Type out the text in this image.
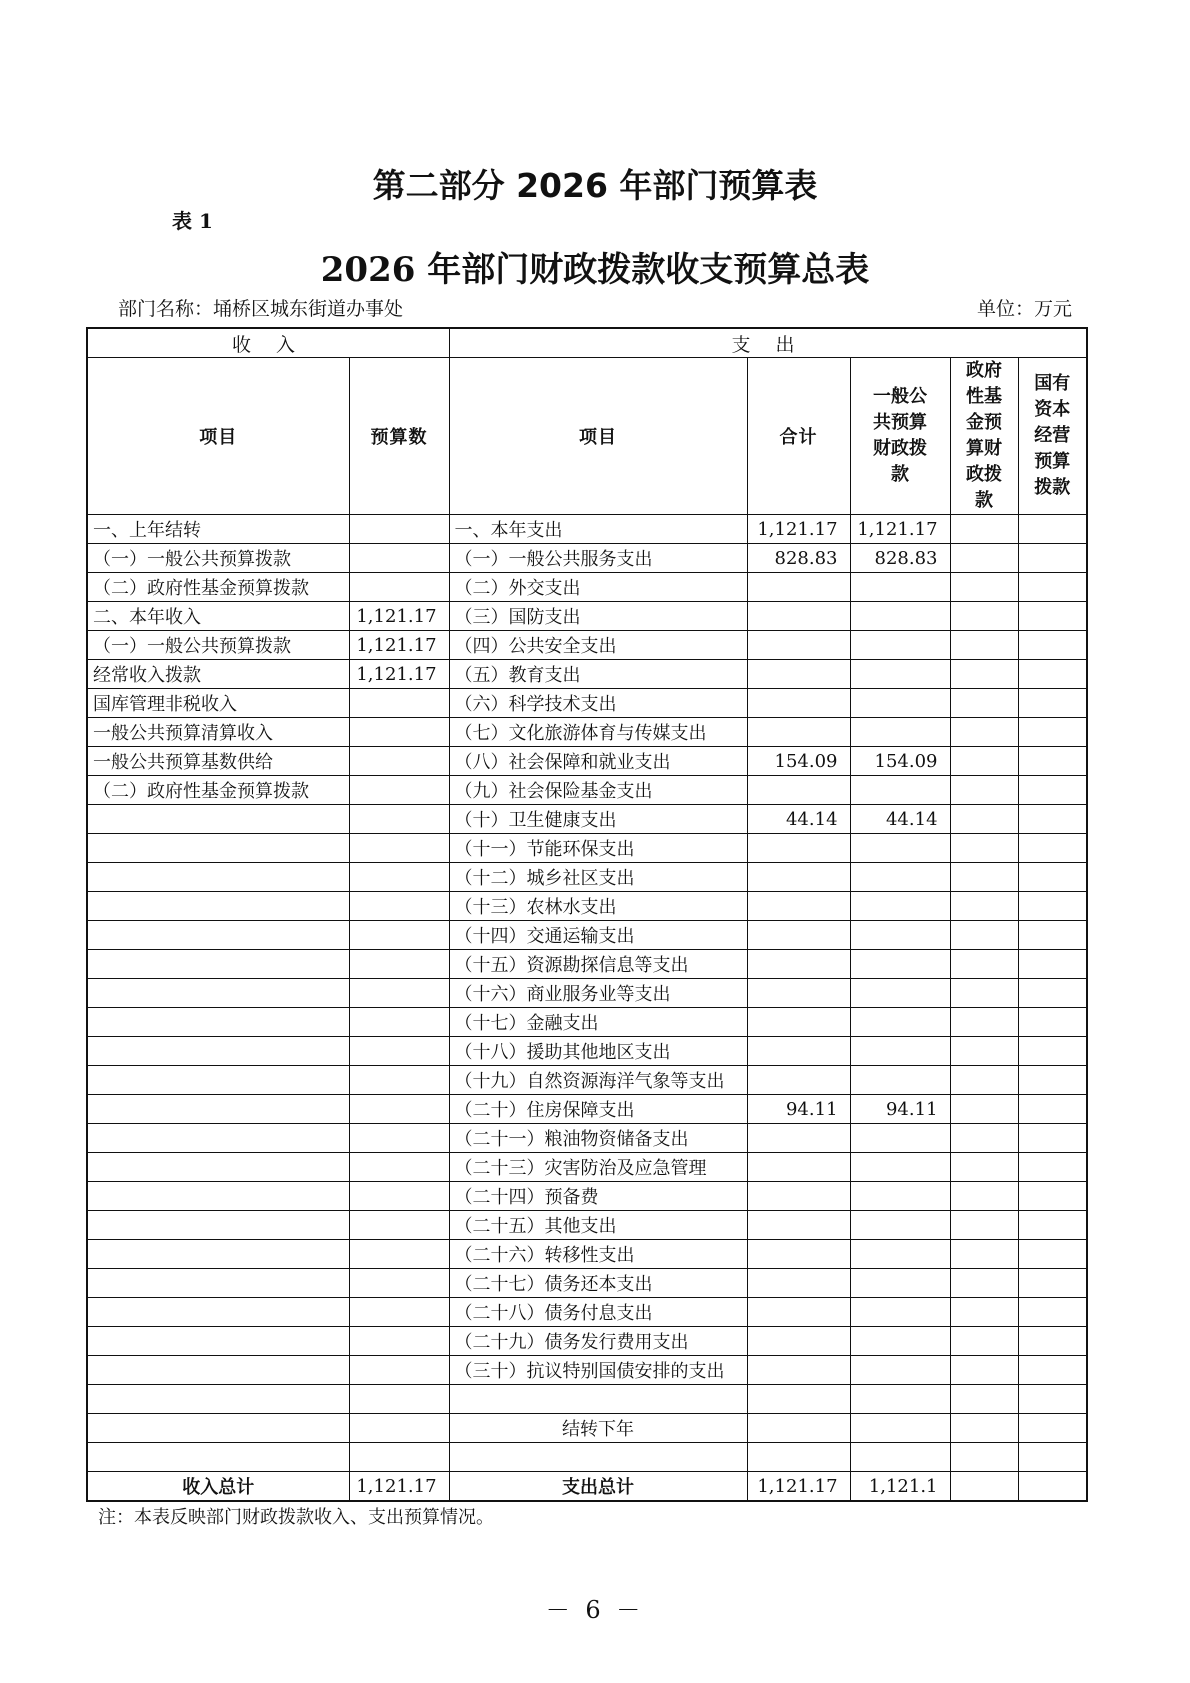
第二部分 2026 年部门预算表
表 1
2026 年部门财政拨款收支预算总表
部门名称：埇桥区城东街道办事处	单位：万元
收 入		支 出				
项目	预算数	项目	合计	一般公共预算财政拨款	政府性基金预算财政拨款	国有资本经营预算拨款
一、上年结转		一、本年支出	1,121.17	1,121.17		
（一）一般公共预算拨款		（一）一般公共服务支出	828.83	828.83		
（二）政府性基金预算拨款		（二）外交支出				
二、本年收入	1,121.17	（三）国防支出				
（一）一般公共预算拨款	1,121.17	（四）公共安全支出				
经常收入拨款	1,121.17	（五）教育支出				
国库管理非税收入		（六）科学技术支出				
一般公共预算清算收入		（七）文化旅游体育与传媒支出				
一般公共预算基数供给		（八）社会保障和就业支出	154.09	154.09		
（二）政府性基金预算拨款		（九）社会保险基金支出				
		（十）卫生健康支出	44.14	44.14		
		（十一）节能环保支出				
		（十二）城乡社区支出				
		（十三）农林水支出				
		（十四）交通运输支出				
		（十五）资源勘探信息等支出				
		（十六）商业服务业等支出				
		（十七）金融支出				
		（十八）援助其他地区支出				
		（十九）自然资源海洋气象等支出				
		（二十）住房保障支出	94.11	94.11		
		（二十一）粮油物资储备支出				
		（二十三）灾害防治及应急管理				
		（二十四）预备费				
		（二十五）其他支出				
		（二十六）转移性支出				
		（二十七）债务还本支出				
		（二十八）债务付息支出				
		（二十九）债务发行费用支出				
		（三十）抗议特别国债安排的支出				

		结转下年				

收入总计	1,121.17	支出总计	1,121.17	1,121.1		
注：本表反映部门财政拨款收入、支出预算情况。
－ 6 －
